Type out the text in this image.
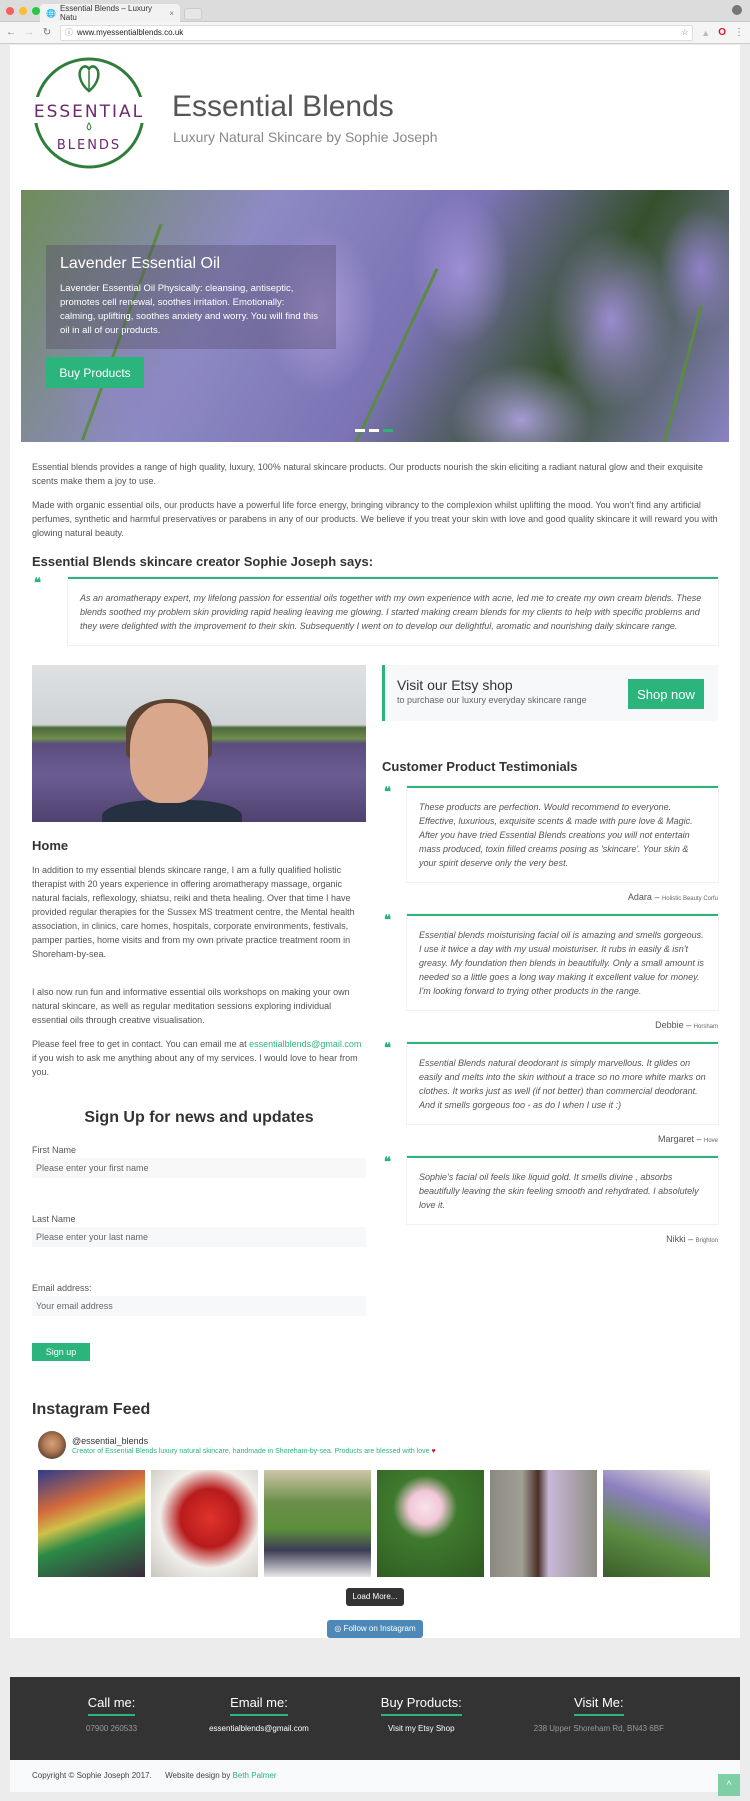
🌐 Essential Blends – Luxury Natu	×
← → ↻ ⓘ www.myessentialblends.co.uk	☆ ▲ O ⋮
ESSENTIAL
BLENDS
Essential Blends
Luxury Natural Skincare by Sophie Joseph
Lavender Essential Oil
Lavender Essential Oil Physically: cleansing, antiseptic, promotes cell renewal, soothes irritation. Emotionally: calming, uplifting, soothes anxiety and worry. You will find this oil in all of our products.
Buy Products

Essential blends provides a range of high quality, luxury, 100% natural skincare products. Our products nourish the skin eliciting a radiant natural glow and their exquisite scents make them a joy to use.

Made with organic essential oils, our products have a powerful life force energy, bringing vibrancy to the complexion whilst uplifting the mood. You won't find any artificial perfumes, synthetic and harmful preservatives or parabens in any of our products. We believe if you treat your skin with love and good quality skincare it will reward you with glowing natural beauty.

Essential Blends skincare creator Sophie Joseph says:
❝

As an aromatherapy expert, my lifelong passion for essential oils together with my own experience with acne, led me to create my own cream blends. These blends soothed my problem skin providing rapid healing leaving me glowing. I started making cream blends for my clients to help with specific problems and they were delighted with the improvement to their skin. Subsequently I went on to develop our delightful, aromatic and nourishing daily skincare range.

Home

In addition to my essential blends skincare range, I am a fully qualified holistic therapist with 20 years experience in offering aromatherapy massage, organic natural facials, reflexology, shiatsu, reiki and theta healing. Over that time I have provided regular therapies for the Sussex MS treatment centre, the Mental health association, in clinics, care homes, hospitals, corporate environments, festivals, pamper parties, home visits and from my own private practice treatment room in Shoreham-by-sea.

I also now run fun and informative essential oils workshops on making your own natural skincare, as well as regular meditation sessions exploring individual essential oils through creative visualisation.

Please feel free to get in contact. You can email me at essentialblends@gmail.com if you wish to ask me anything about any of my services. I would love to hear from you.

Sign Up for news and updates
First Name
Please enter your first name
Last Name
Please enter your last name
Email address:
Your email address
Sign up
Visit our Etsy shop
to purchase our luxury everyday skincare range	Shop now
Customer Product Testimonials
❝

These products are perfection. Would recommend to everyone. Effective, luxurious, exquisite scents & made with pure love & Magic. After you have tried Essential Blends creations you will not entertain mass produced, toxin filled creams posing as 'skincare'. Your skin & your spirit deserve only the very best.

Adara – Holistic Beauty Corfu
❝

Essential blends moisturising facial oil is amazing and smells gorgeous. I use it twice a day with my usual moisturiser. It rubs in easily & isn't greasy. My foundation then blends in beautifully. Only a small amount is needed so a little goes a long way making it excellent value for money. I'm looking forward to trying other products in the range.

Debbie – Horsham
❝

Essential Blends natural deodorant is simply marvellous. It glides on easily and melts into the skin without a trace so no more white marks on clothes. It works just as well (if not better) than commercial deodorant. And it smells gorgeous too - as do I when I use it :)

Margaret – Hove
❝

Sophie's facial oil feels like liquid gold. It smells divine , absorbs beautifully leaving the skin feeling smooth and rehydrated. I absolutely love it.

Nikki – Brighton
Instagram Feed
@essential_blends
Creator of Essential Blends luxury natural skincare, handmade in Shoreham-by-sea. Products are blessed with love ♥
Load More...
◎ Follow on Instagram
Call me:
07900 260533
Email me:
essentialblends@gmail.com
Buy Products:
Visit my Etsy Shop
Visit Me:
238 Upper Shoreham Rd, BN43 6BF
Copyright © Sophie Joseph 2017. Website design by Beth Palmer
^
